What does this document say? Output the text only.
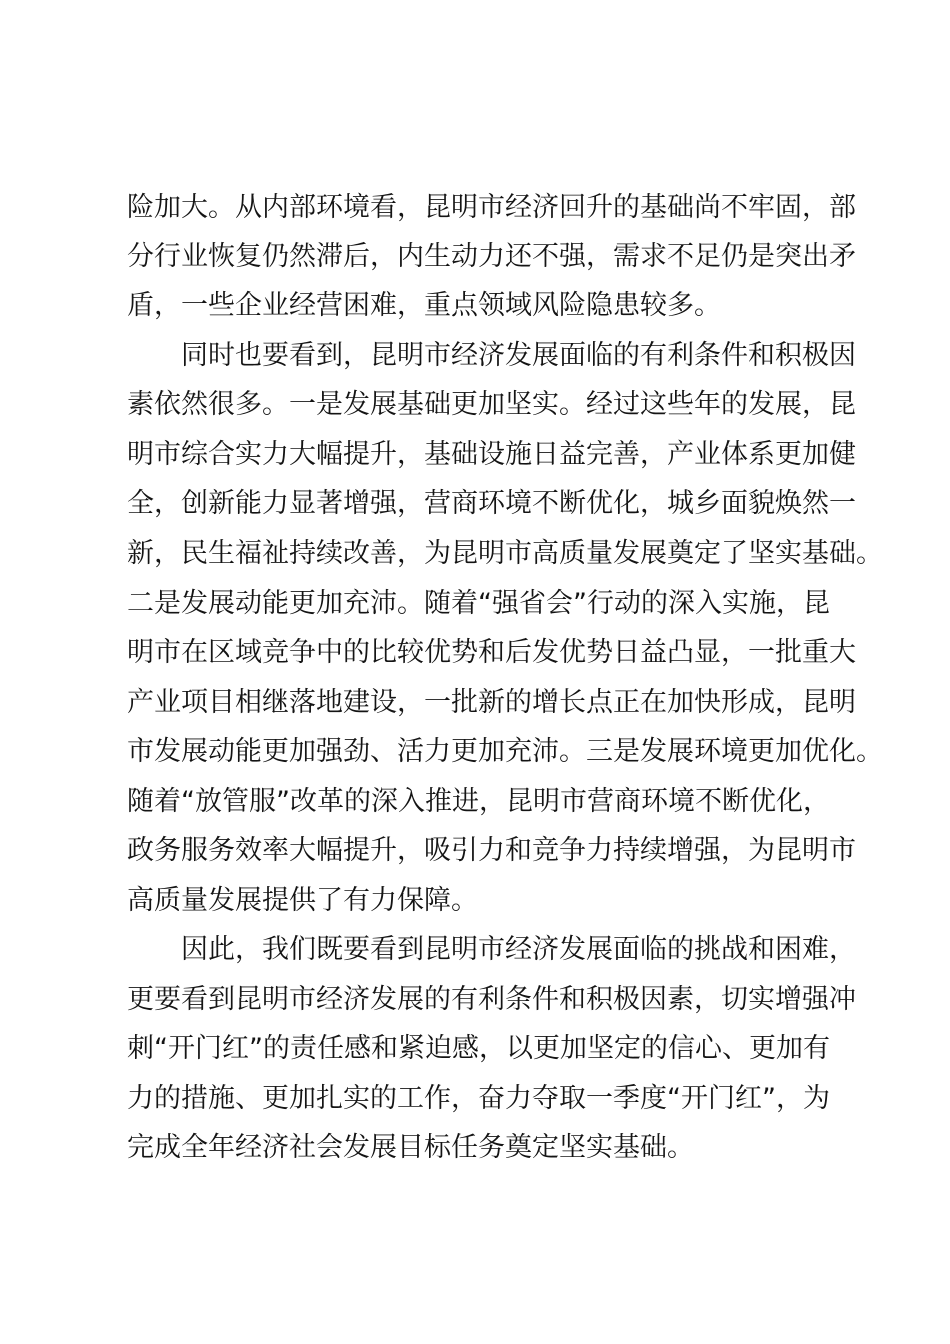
险加大。从内部环境看，昆明市经济回升的基础尚不牢固，部

分行业恢复仍然滞后，内生动力还不强，需求不足仍是突出矛

盾，一些企业经营困难，重点领域风险隐患较多。

同时也要看到，昆明市经济发展面临的有利条件和积极因

素依然很多。一是发展基础更加坚实。经过这些年的发展，昆

明市综合实力大幅提升，基础设施日益完善，产业体系更加健

全，创新能力显著增强，营商环境不断优化，城乡面貌焕然一

新，民生福祉持续改善，为昆明市高质量发展奠定了坚实基础。

二是发展动能更加充沛。随着“强省会”行动的深入实施，昆

明市在区域竞争中的比较优势和后发优势日益凸显，一批重大

产业项目相继落地建设，一批新的增长点正在加快形成，昆明

市发展动能更加强劲、活力更加充沛。三是发展环境更加优化。

随着“放管服”改革的深入推进，昆明市营商环境不断优化，

政务服务效率大幅提升，吸引力和竞争力持续增强，为昆明市

高质量发展提供了有力保障。

因此，我们既要看到昆明市经济发展面临的挑战和困难，

更要看到昆明市经济发展的有利条件和积极因素，切实增强冲

刺“开门红”的责任感和紧迫感，以更加坚定的信心、更加有

力的措施、更加扎实的工作，奋力夺取一季度“开门红”，为

完成全年经济社会发展目标任务奠定坚实基础。
